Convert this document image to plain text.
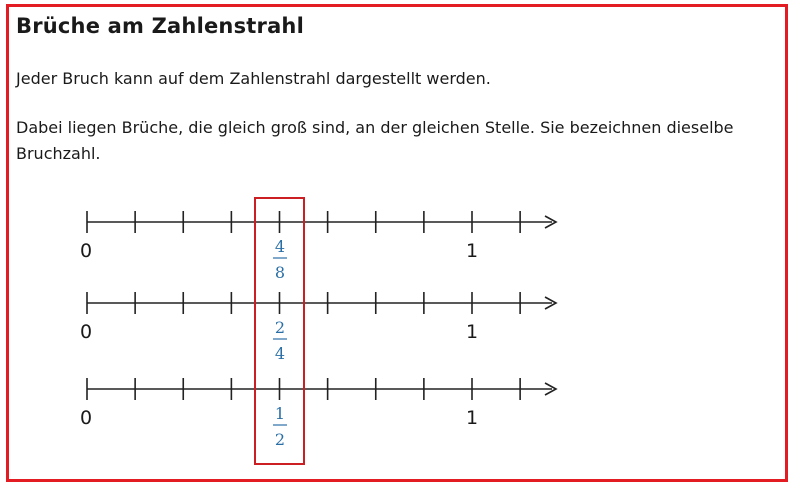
Brüche am Zahlenstrahl

Jeder Bruch kann auf dem Zahlenstrahl dargestellt werden.

Dabei liegen Brüche, die gleich groß sind, an der gleichen Stelle. Sie bezeichnen dieselbe Bruchzahl.

0	1
4
8
0	1
2
4
0	1
1
2
